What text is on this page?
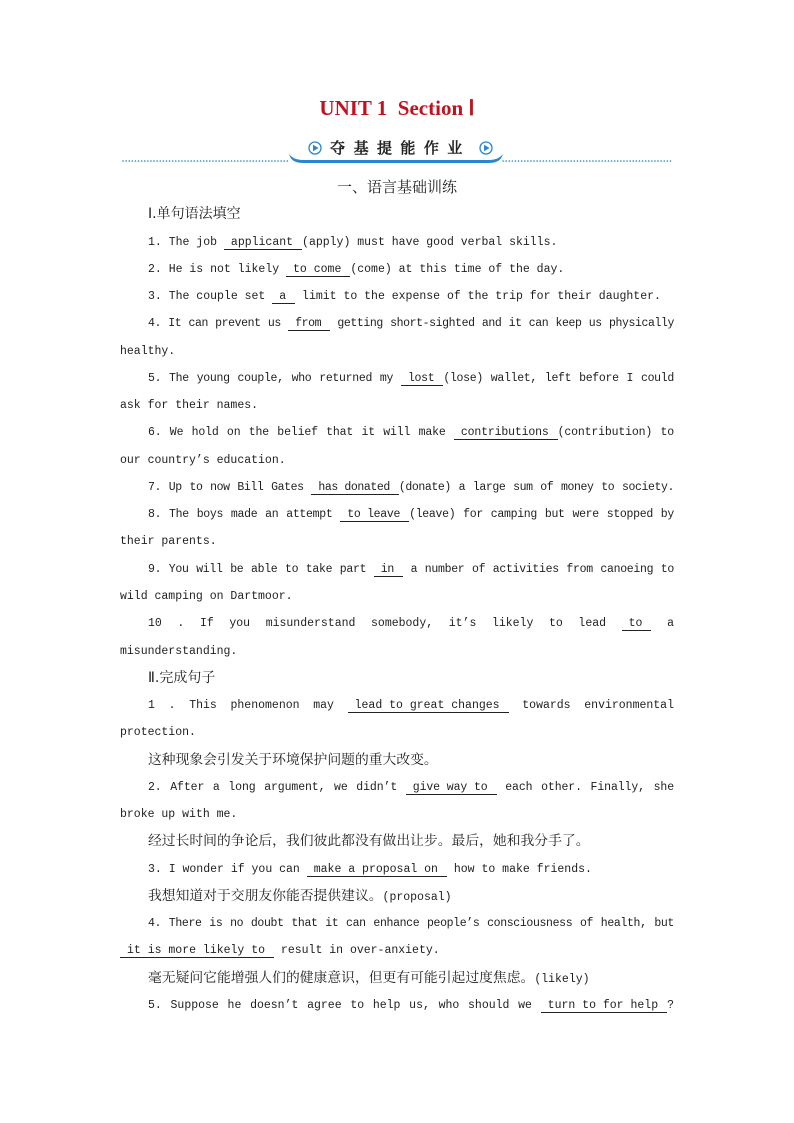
UNIT 1  Section Ⅰ
夺 基 提 能 作 业
一、语言基础训练
Ⅰ.单句语法填空
1. The job applicant (apply) must have good verbal skills.
2. He is not likely to come (come) at this time of the day.
3. The couple set a limit to the expense of the trip for their daughter.
4. It can prevent us from getting short-sighted and it can keep us physically
healthy.
5. The young couple, who returned my lost (lose) wallet, left before I could
ask for their names.
6. We hold on the belief that it will make contributions (contribution) to
our country’s education.
7. Up to now Bill Gates has donated (donate) a large sum of money to society.
8. The boys made an attempt to leave (leave) for camping but were stopped by
their parents.
9. You will be able to take part in a number of activities from canoeing to
wild camping on Dartmoor.
10 . If you misunderstand somebody, it’s likely to lead to a
misunderstanding.
Ⅱ.完成句子
1 . This phenomenon may lead to great changes towards environmental
protection.
这种现象会引发关于环境保护问题的重大改变。
2. After a long argument, we didn’t give way to each other. Finally, she
broke up with me.
经过长时间的争论后，我们彼此都没有做出让步。最后，她和我分手了。
3. I wonder if you can make a proposal on how to make friends.
我想知道对于交朋友你能否提供建议。(proposal)
4. There is no doubt that it can enhance people’s consciousness of health, but
it is more likely to result in over-anxiety.
毫无疑问它能增强人们的健康意识，但更有可能引起过度焦虑。(likely)
5. Suppose he doesn’t agree to help us, who should we turn to for help ?
